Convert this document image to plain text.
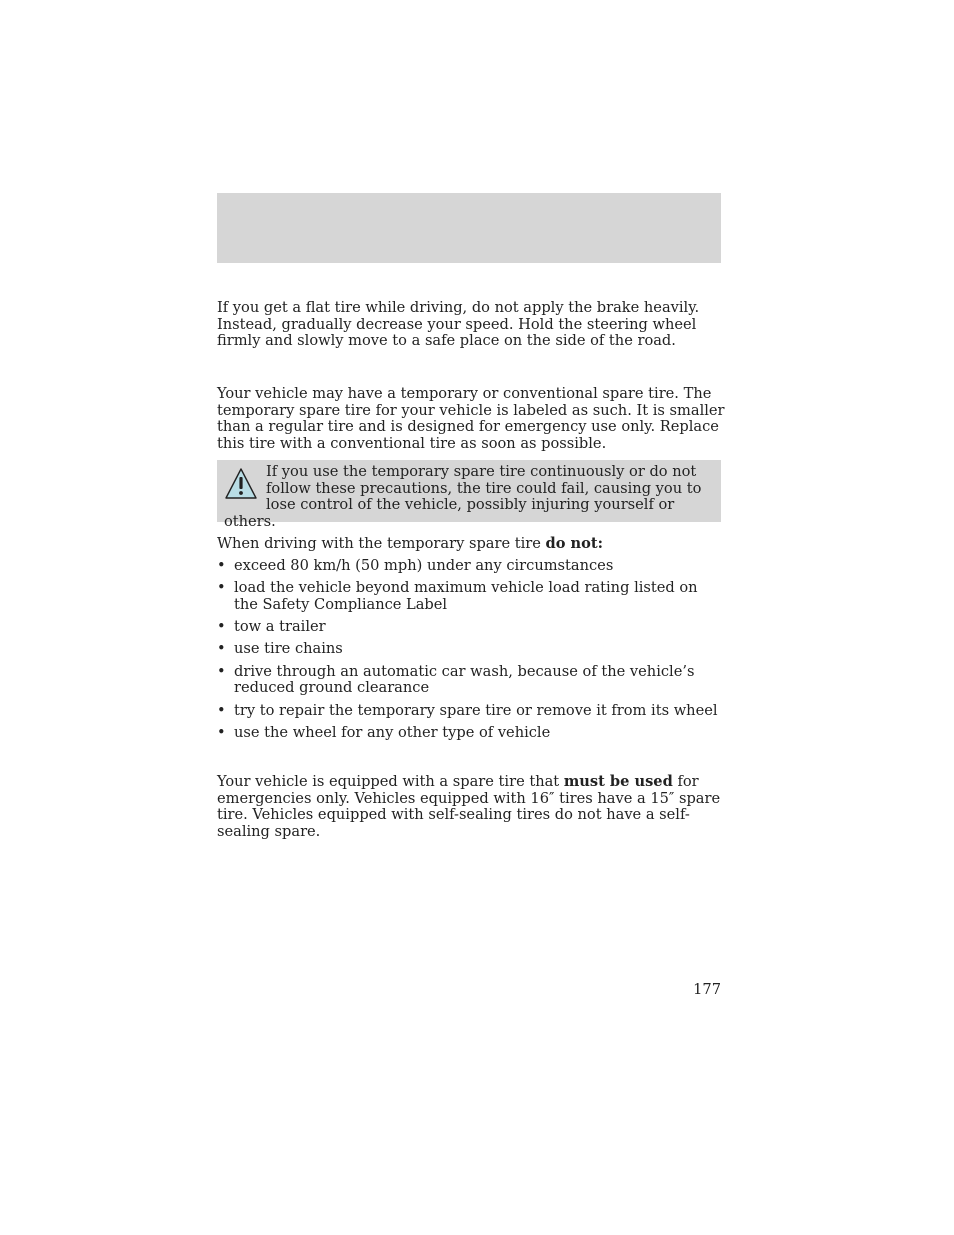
If you get a flat tire while driving, do not apply the brake heavily. Instead, gradually decrease your speed. Hold the steering wheel firmly and slowly move to a safe place on the side of the road.

Your vehicle may have a temporary or conventional spare tire. The temporary spare tire for your vehicle is labeled as such. It is smaller than a regular tire and is designed for emergency use only. Replace this tire with a conventional tire as soon as possible.

If you use the temporary spare tire continuously or do not follow these precautions, the tire could fail, causing you to lose control of the vehicle, possibly injuring yourself or others.

When driving with the temporary spare tire do not:

• exceed 80 km/h (50 mph) under any circumstances
• load the vehicle beyond maximum vehicle load rating listed on the Safety Compliance Label
• tow a trailer
• use tire chains
• drive through an automatic car wash, because of the vehicle’s reduced ground clearance
• try to repair the temporary spare tire or remove it from its wheel
• use the wheel for any other type of vehicle

Your vehicle is equipped with a spare tire that must be used for emergencies only. Vehicles equipped with 16″ tires have a 15″ spare tire. Vehicles equipped with self-sealing tires do not have a self-sealing spare.

177
